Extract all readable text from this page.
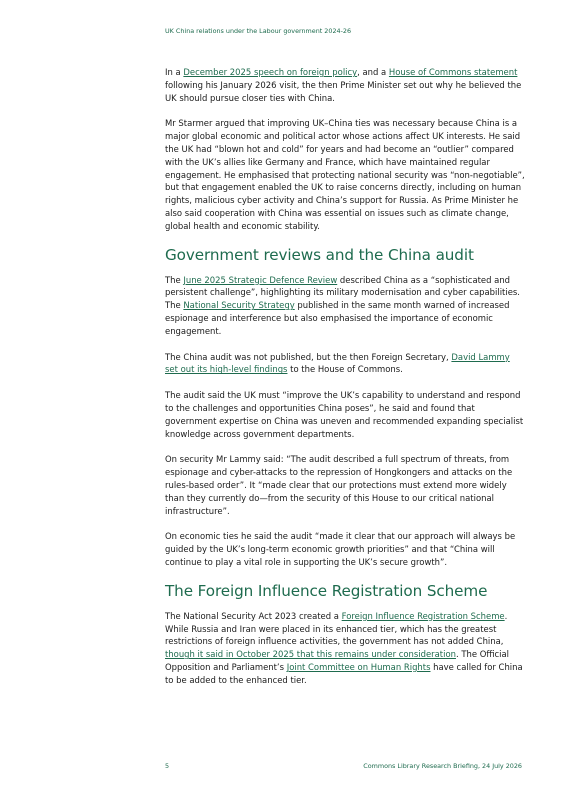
UK China relations under the Labour government 2024-26

In a December 2025 speech on foreign policy, and a House of Commons statement following his January 2026 visit, the then Prime Minister set out why he believed the UK should pursue closer ties with China.

Mr Starmer argued that improving UK–China ties was necessary because China is a major global economic and political actor whose actions affect UK interests. He said the UK had “blown hot and cold” for years and had become an “outlier” compared with the UK’s allies like Germany and France, which have maintained regular engagement. He emphasised that protecting national security was “non-negotiable”, but that engagement enabled the UK to raise concerns directly, including on human rights, malicious cyber activity and China’s support for Russia. As Prime Minister he also said cooperation with China was essential on issues such as climate change, global health and economic stability.

Government reviews and the China audit

The June 2025 Strategic Defence Review described China as a “sophisticated and persistent challenge”, highlighting its military modernisation and cyber capabilities. The National Security Strategy published in the same month warned of increased espionage and interference but also emphasised the importance of economic engagement.

The China audit was not published, but the then Foreign Secretary, David Lammy set out its high-level findings to the House of Commons.

The audit said the UK must “improve the UK’s capability to understand and respond to the challenges and opportunities China poses”, he said and found that government expertise on China was uneven and recommended expanding specialist knowledge across government departments.

On security Mr Lammy said: “The audit described a full spectrum of threats, from espionage and cyber-attacks to the repression of Hongkongers and attacks on the rules-based order”. It “made clear that our protections must extend more widely than they currently do—from the security of this House to our critical national infrastructure”.

On economic ties he said the audit “made it clear that our approach will always be guided by the UK’s long-term economic growth priorities” and that “China will continue to play a vital role in supporting the UK’s secure growth”.

The Foreign Influence Registration Scheme

The National Security Act 2023 created a Foreign Influence Registration Scheme. While Russia and Iran were placed in its enhanced tier, which has the greatest restrictions of foreign influence activities, the government has not added China, though it said in October 2025 that this remains under consideration. The Official Opposition and Parliament’s Joint Committee on Human Rights have called for China to be added to the enhanced tier.

5	Commons Library Research Briefing, 24 July 2026
